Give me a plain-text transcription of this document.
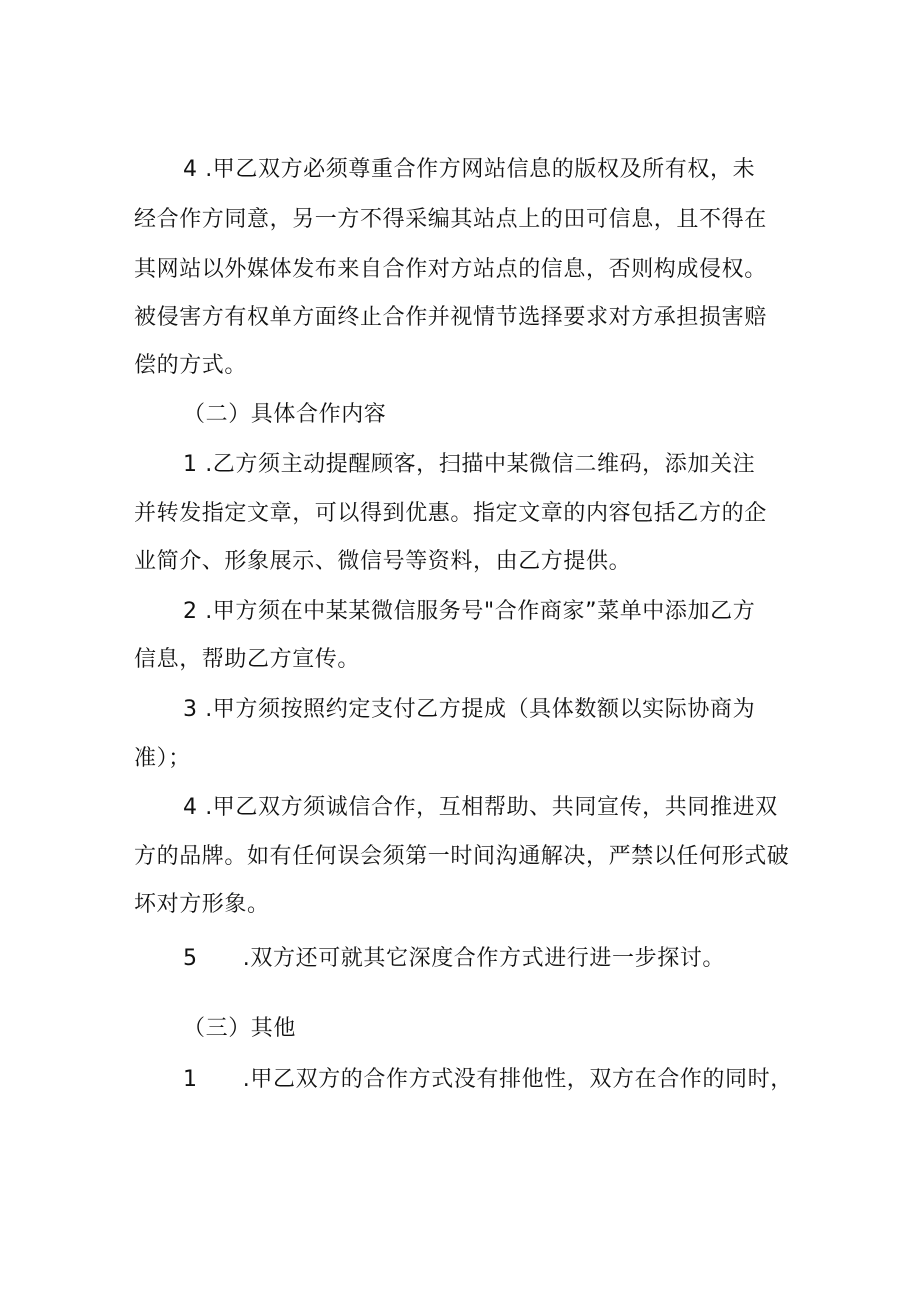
4 .甲乙双方必须尊重合作方网站信息的版权及所有权，未
经合作方同意，另一方不得采编其站点上的田可信息，且不得在
其网站以外媒体发布来自合作对方站点的信息，否则构成侵权。
被侵害方有权单方面终止合作并视情节选择要求对方承担损害赔
偿的方式。
（二）具体合作内容
1 .乙方须主动提醒顾客，扫描中某微信二维码，添加关注
并转发指定文章，可以得到优惠。指定文章的内容包括乙方的企
业简介、形象展示、微信号等资料，由乙方提供。
2 .甲方须在中某某微信服务号"合作商家”菜单中添加乙方
信息，帮助乙方宣传。
3 .甲方须按照约定支付乙方提成（具体数额以实际协商为
准）；
4 .甲乙双方须诚信合作，互相帮助、共同宣传，共同推进双
方的品牌。如有任何误会须第一时间沟通解决，严禁以任何形式破
坏对方形象。
5　　.双方还可就其它深度合作方式进行进一步探讨。
（三）其他
1　　.甲乙双方的合作方式没有排他性，双方在合作的同时，
